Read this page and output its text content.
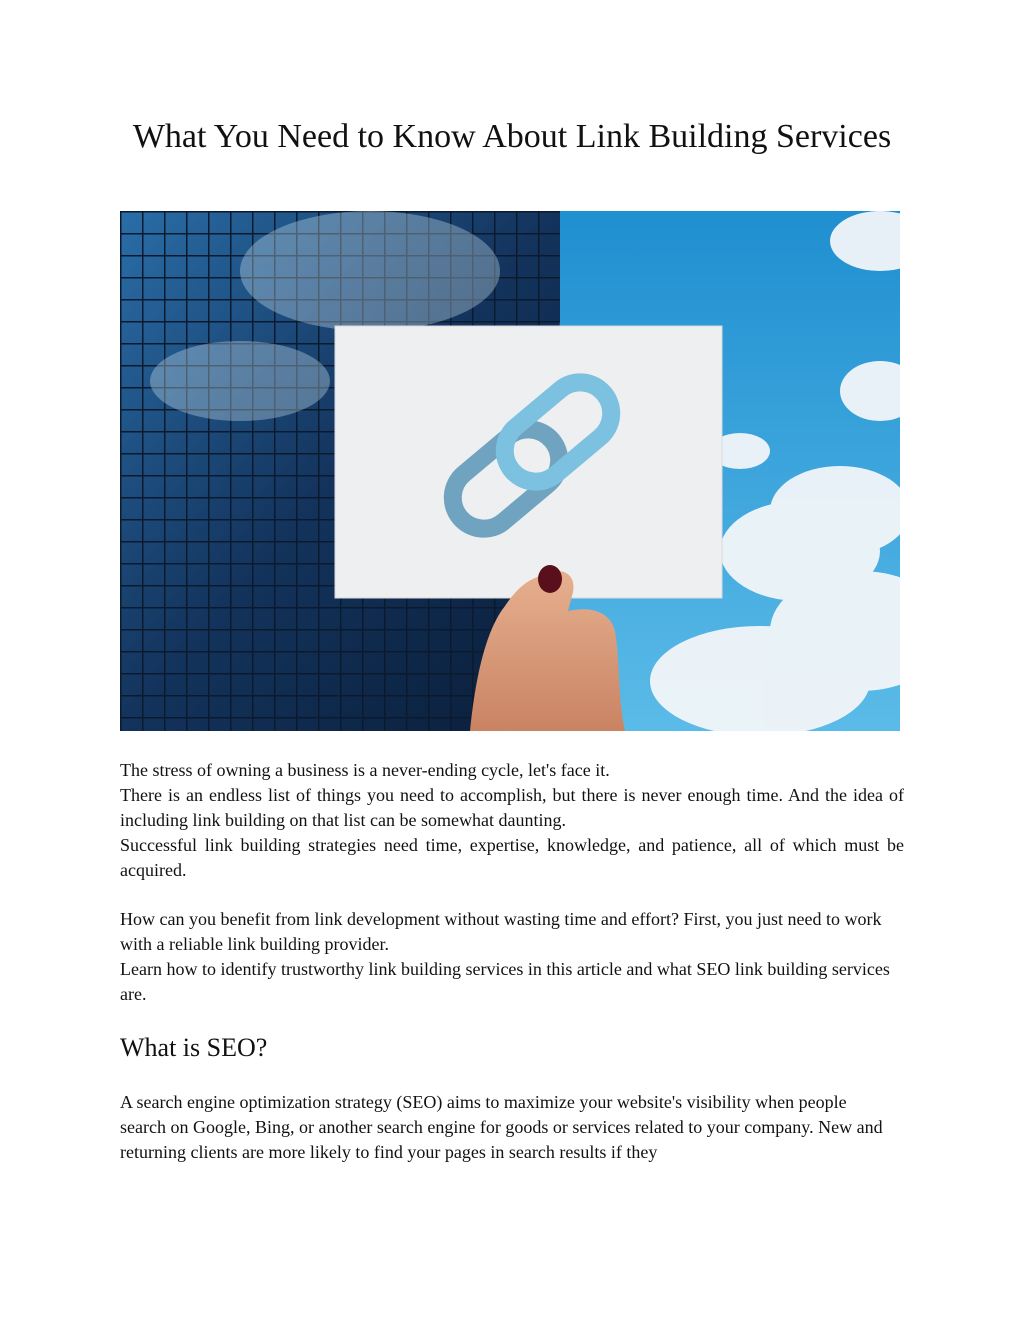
What You Need to Know About Link Building Services

The stress of owning a business is a never-ending cycle, let's face it.

There is an endless list of things you need to accomplish, but there is never enough time. And the idea of including link building on that list can be somewhat daunting.

Successful link building strategies need time, expertise, knowledge, and patience, all of which must be acquired.

How can you benefit from link development without wasting time and effort? First, you just need to work with a reliable link building provider.

Learn how to identify trustworthy link building services in this article and what SEO link building services are.

What is SEO?

A search engine optimization strategy (SEO) aims to maximize your website's visibility when people search on Google, Bing, or another search engine for goods or services related to your company. New and returning clients are more likely to find your pages in search results if they
